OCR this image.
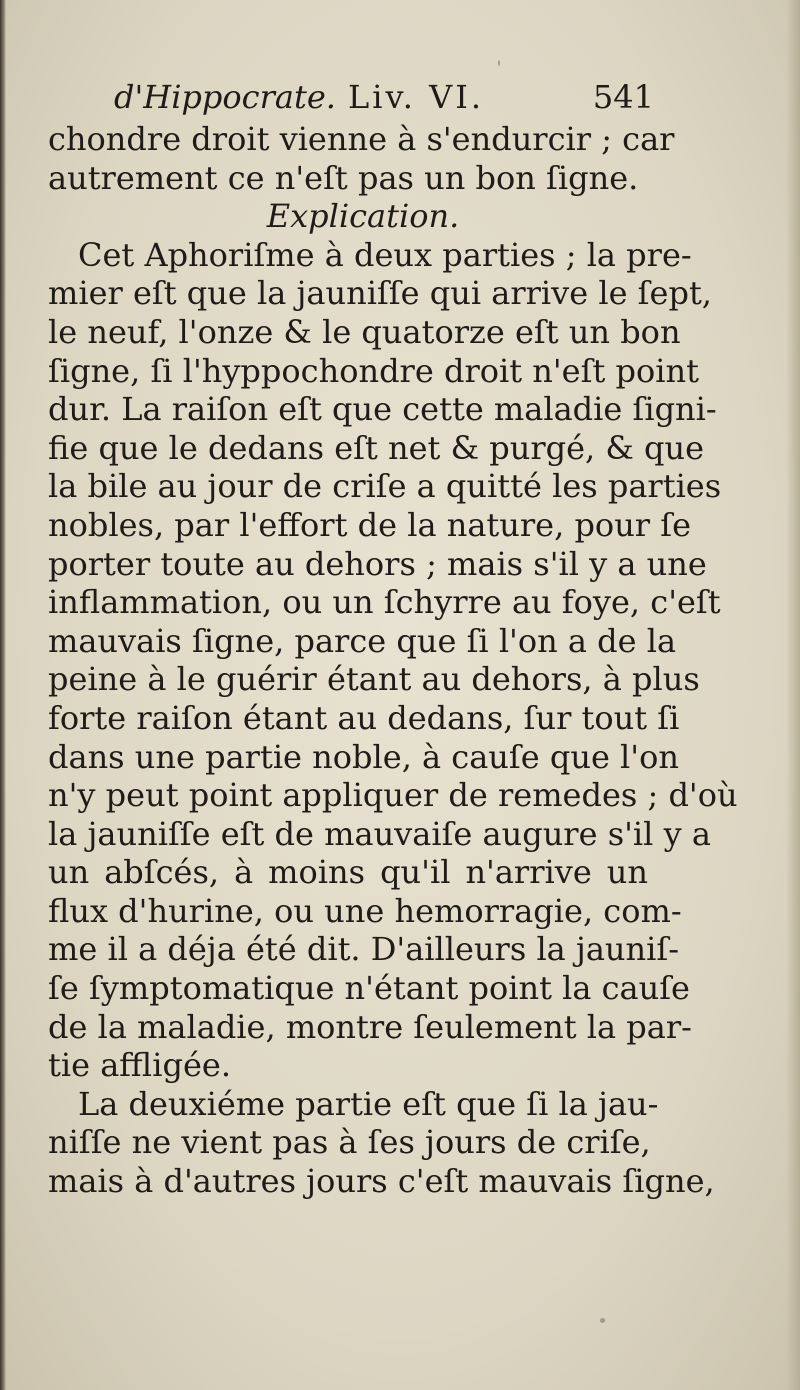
d'Hippocrate. Liv. VI.	541
chondre droit vienne à s'endurcir ; car
autrement ce n'eſt pas un bon ſigne.
Explication.
Cet Aphoriſme à deux parties ; la pre-
mier eſt que la jauniſſe qui arrive le ſept,
le neuf, l'onze & le quatorze eſt un bon
ſigne, ſi l'hyppochondre droit n'eſt point
dur. La raiſon eſt que cette maladie ſigni-
fie que le dedans eſt net & purgé, & que
la bile au jour de criſe a quitté les parties
nobles, par l'effort de la nature, pour ſe
porter toute au dehors ; mais s'il y a une
inflammation, ou un ſchyrre au foye, c'eſt
mauvais ſigne, parce que ſi l'on a de la
peine à le guérir étant au dehors, à plus
forte raiſon étant au dedans, ſur tout ſi
dans une partie noble, à cauſe que l'on
n'y peut point appliquer de remedes ; d'où
la jauniſſe eſt de mauvaiſe augure s'il y a
un abſcés, à moins qu'il n'arrive un
flux d'hurine, ou une hemorragie, com-
me il a déja été dit. D'ailleurs la jauniſ-
ſe ſymptomatique n'étant point la cauſe
de la maladie, montre ſeulement la par-
tie affligée.
La deuxiéme partie eſt que ſi la jau-
niſſe ne vient pas à ſes jours de criſe,
mais à d'autres jours c'eſt mauvais ſigne,
